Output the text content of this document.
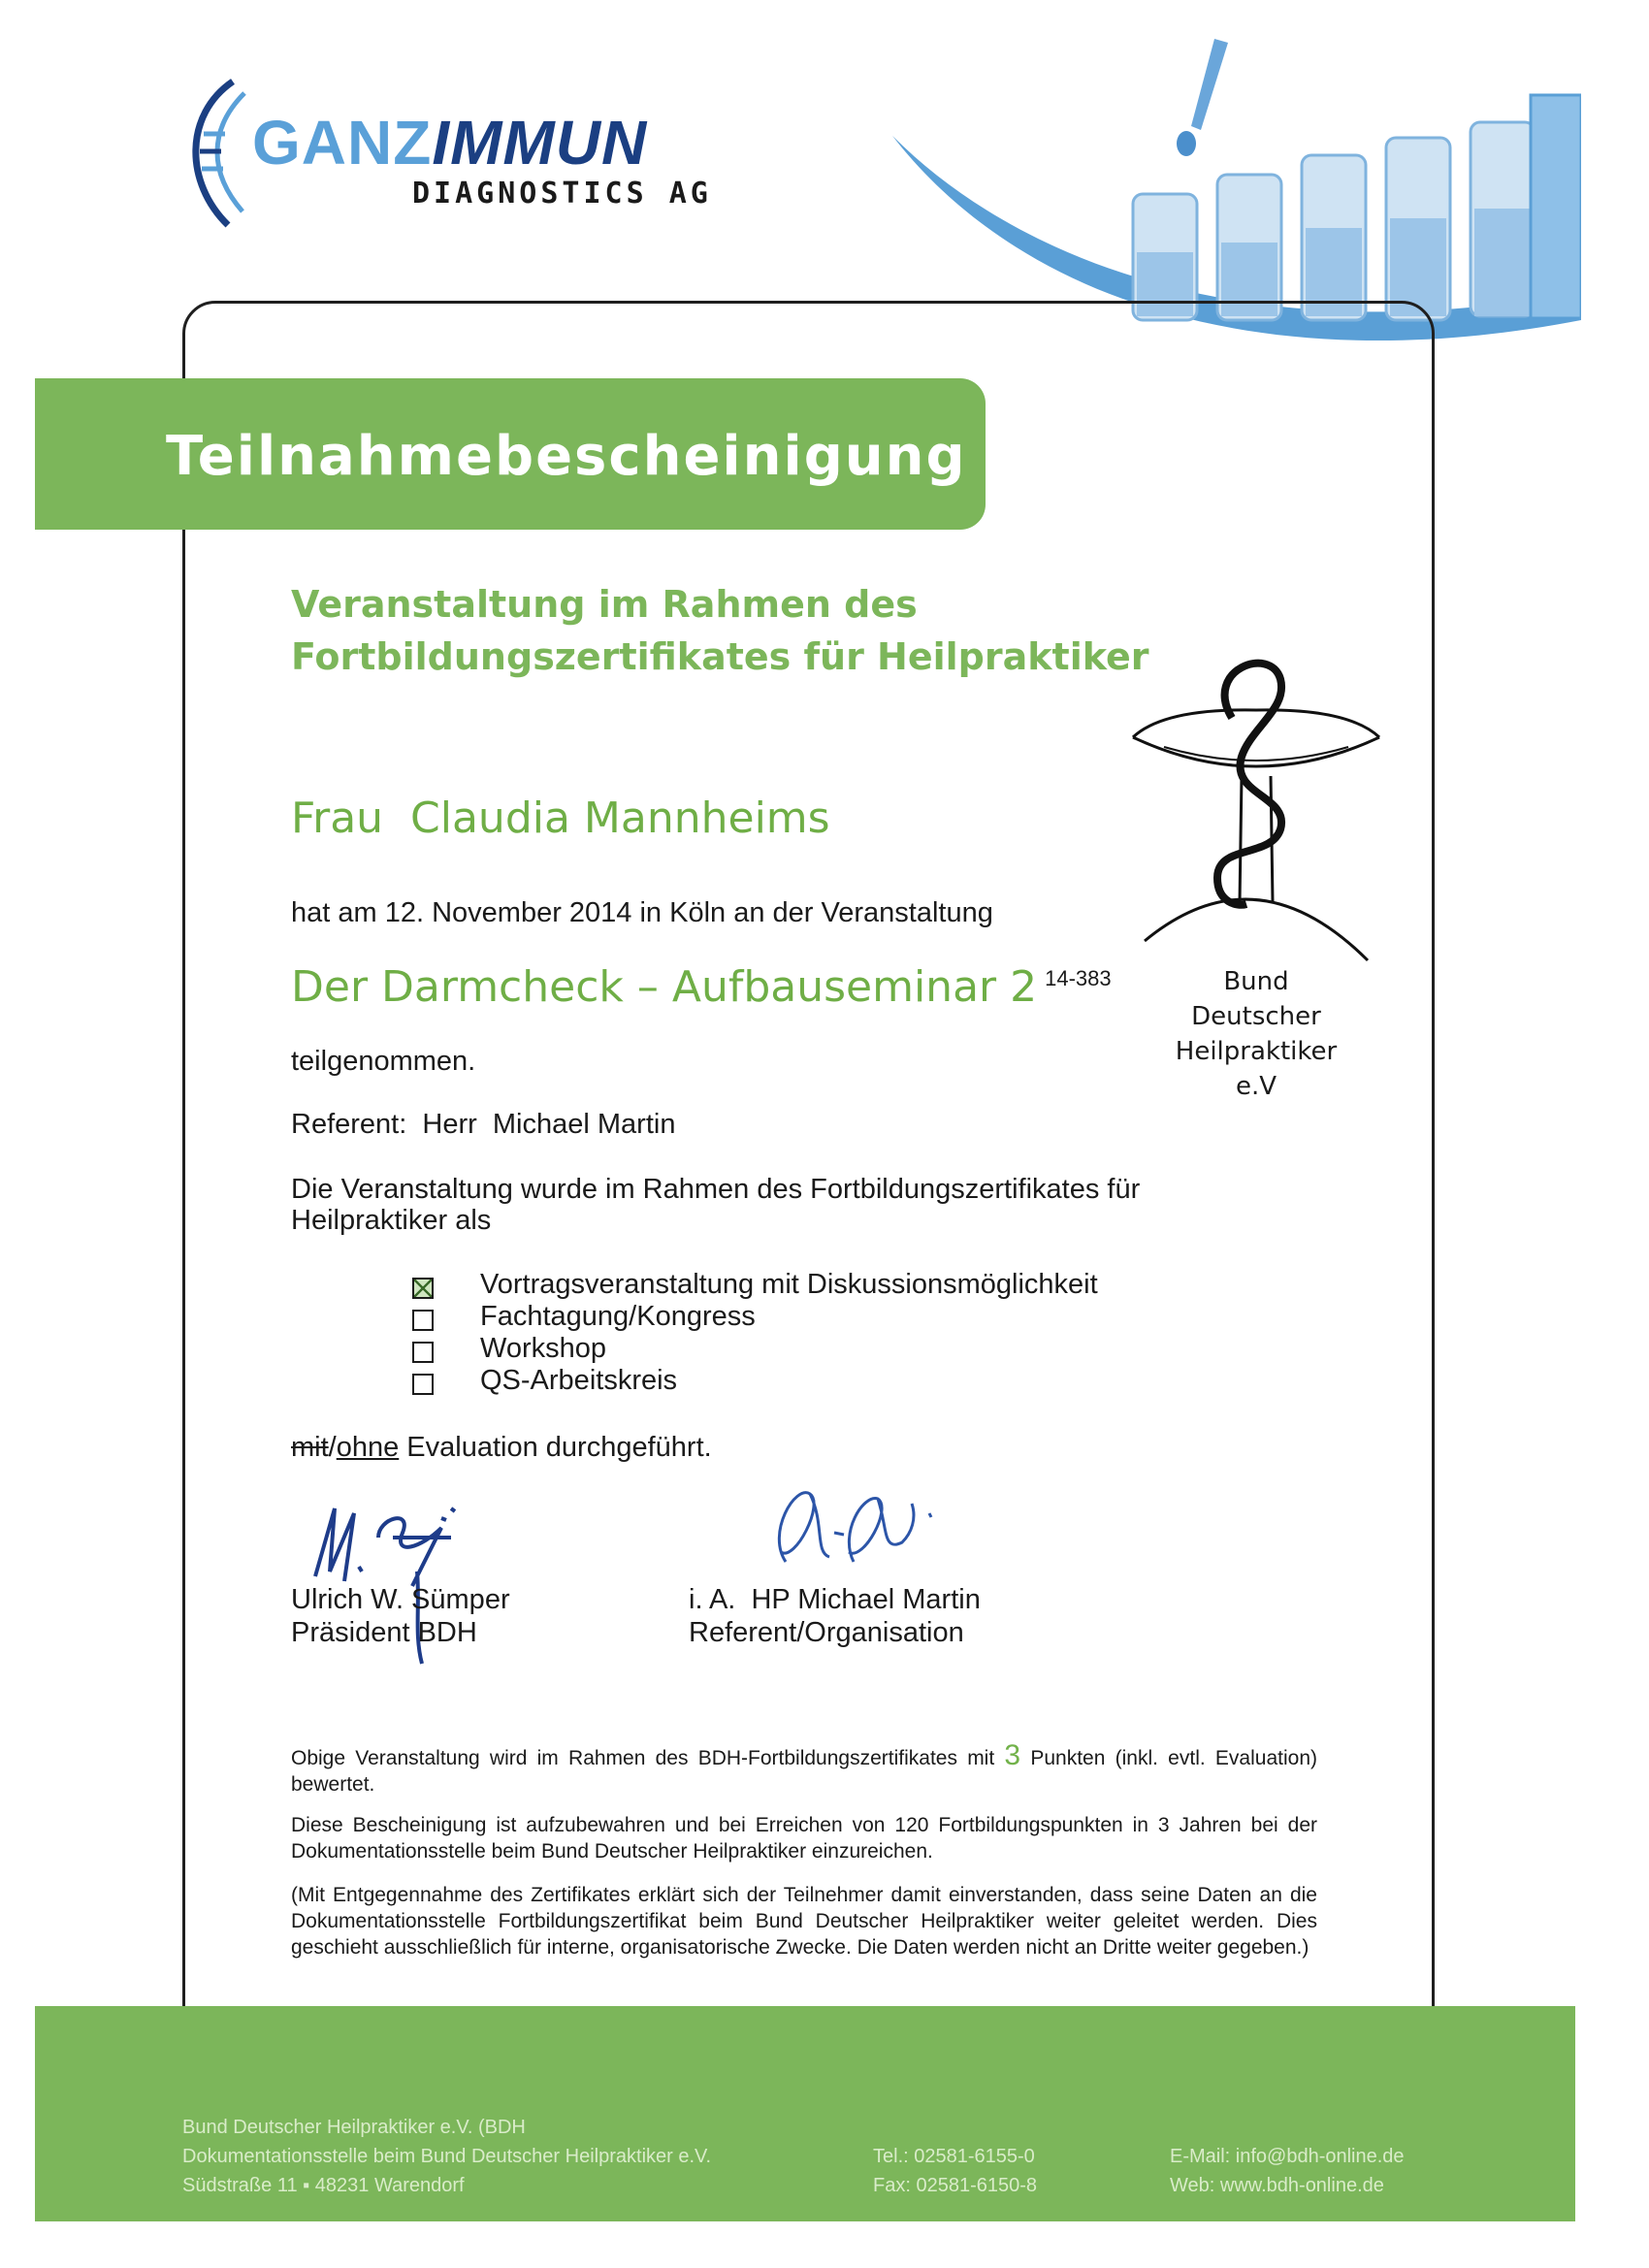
GANZIMMUN
DIAGNOSTICS AG
Teilnahmebescheinigung
Veranstaltung im Rahmen des
Fortbildungszertifikates für Heilpraktiker
Bund Deutscher
Heilpraktiker e.V
Frau  Claudia Mannheims
hat am 12. November 2014 in Köln an der Veranstaltung
Der Darmcheck – Aufbauseminar 2 $^{14-383}$
teilgenommen.
Referent:  Herr  Michael Martin
Die Veranstaltung wurde im Rahmen des Fortbildungszertifikates für
Heilpraktiker als
Vortragsveranstaltung mit Diskussionsmöglichkeit
Fachtagung/Kongress
Workshop
QS-Arbeitskreis
mit/ohne Evaluation durchgeführt.
Ulrich W. Sümper
Präsident BDH
i. A.  HP Michael Martin
Referent/Organisation
Obige Veranstaltung wird im Rahmen des BDH-Fortbildungszertifikates mit 3 Punkten (inkl. evtl. Evaluation) bewertet.
Diese Bescheinigung ist aufzubewahren und bei Erreichen von 120 Fortbildungspunkten in 3 Jahren bei der Dokumentationsstelle beim Bund Deutscher Heilpraktiker einzureichen.
(Mit Entgegennahme des Zertifikates erklärt sich der Teilnehmer damit einverstanden, dass seine Daten an die Dokumentationsstelle Fortbildungszertifikat beim Bund Deutscher Heilpraktiker weiter geleitet werden. Dies geschieht ausschließlich für interne, organisatorische Zwecke. Die Daten werden nicht an Dritte weiter gegeben.)
Bund Deutscher Heilpraktiker e.V. (BDH
Dokumentationsstelle beim Bund Deutscher Heilpraktiker e.V.
Südstraße 11 ▪ 48231 Warendorf
Tel.: 02581-6155-0
Fax: 02581-6150-8
E-Mail: info@bdh-online.de
Web: www.bdh-online.de
